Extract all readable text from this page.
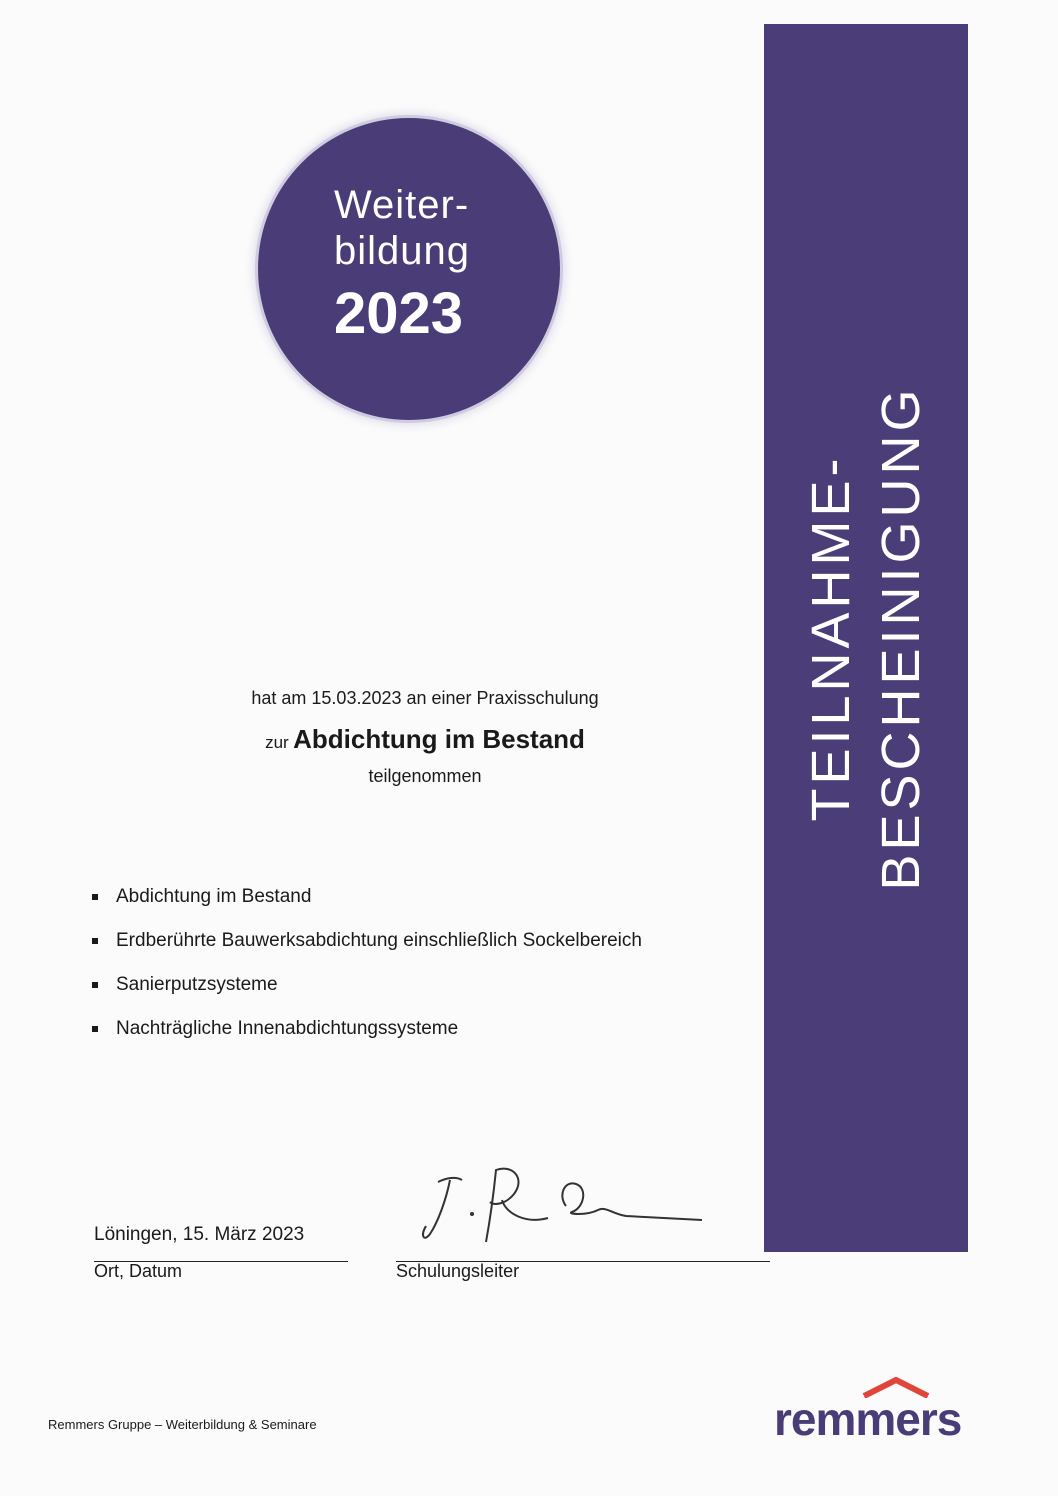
Weiter-
bildung
2023
TEILNAHME- BESCHEINIGUNG
hat am 15.03.2023 an einer Praxisschulung
zur Abdichtung im Bestand
teilgenommen
Abdichtung im Bestand
Erdberührte Bauwerksabdichtung einschließlich Sockelbereich
Sanierputzsysteme
Nachträgliche Innenabdichtungssysteme
Löningen, 15. März 2023
Ort, Datum	Schulungsleiter
Remmers Gruppe – Weiterbildung & Seminare	remmers
